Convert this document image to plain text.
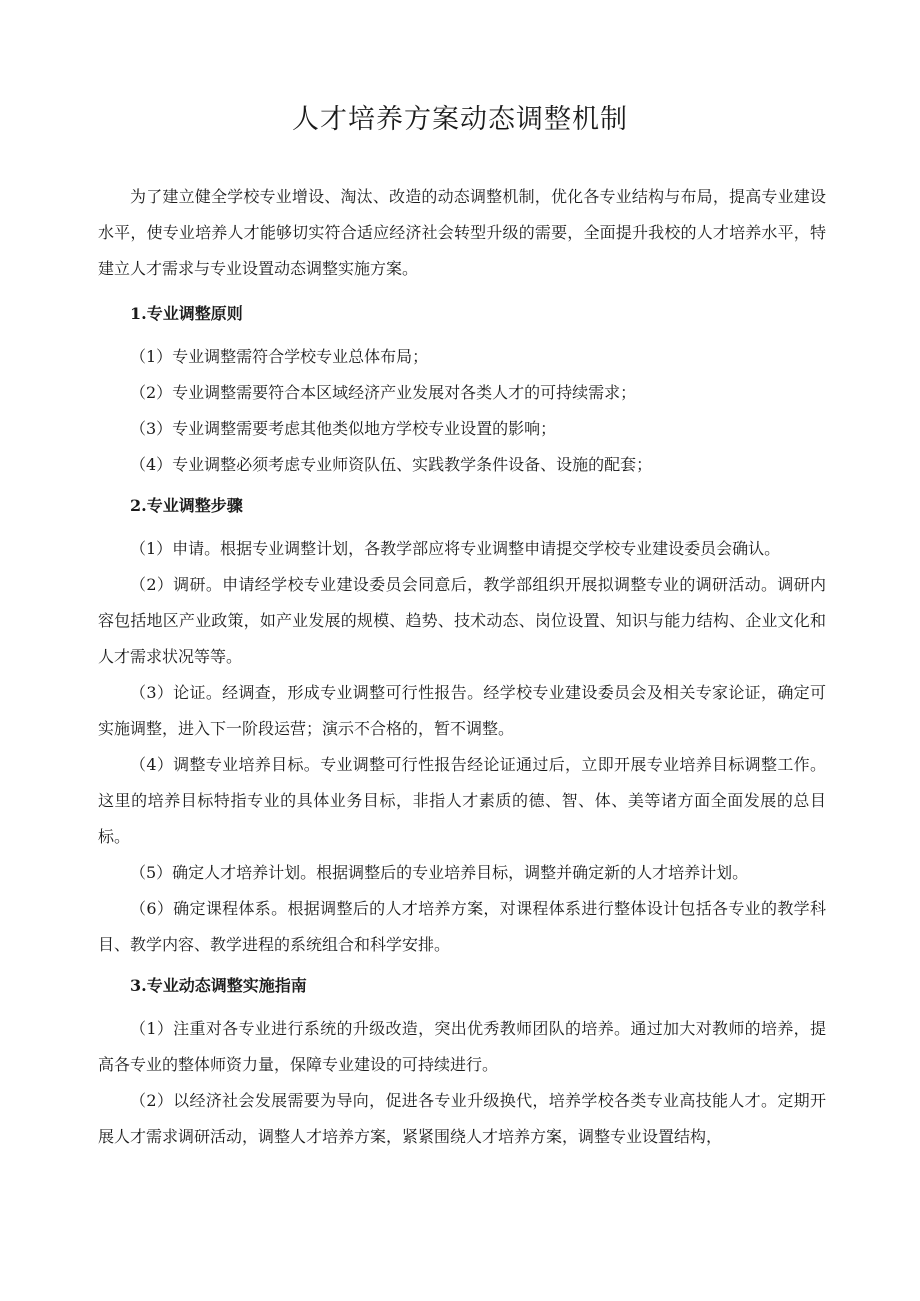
人才培养方案动态调整机制

为了建立健全学校专业增设、淘汰、改造的动态调整机制，优化各专业结构与布局，提高专业建设水平，使专业培养人才能够切实符合适应经济社会转型升级的需要，全面提升我校的人才培养水平，特建立人才需求与专业设置动态调整实施方案。

1.专业调整原则

（1）专业调整需符合学校专业总体布局；

（2）专业调整需要符合本区域经济产业发展对各类人才的可持续需求；

（3）专业调整需要考虑其他类似地方学校专业设置的影响；

（4）专业调整必须考虑专业师资队伍、实践教学条件设备、设施的配套；

2.专业调整步骤

（1）申请。根据专业调整计划，各教学部应将专业调整申请提交学校专业建设委员会确认。

（2）调研。申请经学校专业建设委员会同意后，教学部组织开展拟调整专业的调研活动。调研内容包括地区产业政策，如产业发展的规模、趋势、技术动态、岗位设置、知识与能力结构、企业文化和人才需求状况等等。

（3）论证。经调查，形成专业调整可行性报告。经学校专业建设委员会及相关专家论证，确定可实施调整，进入下一阶段运营；演示不合格的，暂不调整。

（4）调整专业培养目标。专业调整可行性报告经论证通过后，立即开展专业培养目标调整工作。这里的培养目标特指专业的具体业务目标，非指人才素质的德、智、体、美等诸方面全面发展的总目标。

（5）确定人才培养计划。根据调整后的专业培养目标，调整并确定新的人才培养计划。

（6）确定课程体系。根据调整后的人才培养方案，对课程体系进行整体设计包括各专业的教学科目、教学内容、教学进程的系统组合和科学安排。

3.专业动态调整实施指南

（1）注重对各专业进行系统的升级改造，突出优秀教师团队的培养。通过加大对教师的培养，提高各专业的整体师资力量，保障专业建设的可持续进行。

（2）以经济社会发展需要为导向，促进各专业升级换代，培养学校各类专业高技能人才。定期开展人才需求调研活动，调整人才培养方案，紧紧围绕人才培养方案，调整专业设置结构，
